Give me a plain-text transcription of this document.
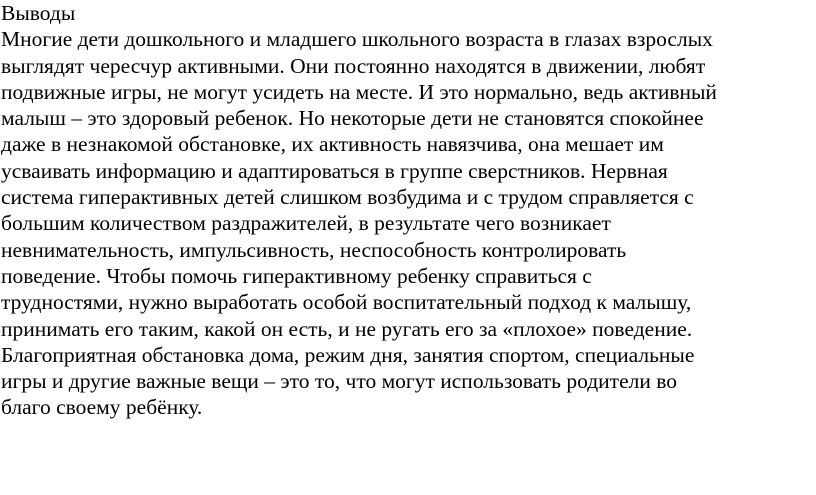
Выводы
Многие дети дошкольного и младшего школьного возраста в глазах взрослых
выглядят чересчур активными. Они постоянно находятся в движении, любят
подвижные игры, не могут усидеть на месте. И это нормально, ведь активный
малыш – это здоровый ребенок. Но некоторые дети не становятся спокойнее
даже в незнакомой обстановке, их активность навязчива, она мешает им
усваивать информацию и адаптироваться в группе сверстников. Нервная
система гиперактивных детей слишком возбудима и с трудом справляется с
большим количеством раздражителей, в результате чего возникает
невнимательность, импульсивность, неспособность контролировать
поведение. Чтобы помочь гиперактивному ребенку справиться с
трудностями, нужно выработать особой воспитательный подход к малышу,
принимать его таким, какой он есть, и не ругать его за «плохое» поведение.
Благоприятная обстановка дома, режим дня, занятия спортом, специальные
игры и другие важные вещи – это то, что могут использовать родители во
благо своему ребёнку.
